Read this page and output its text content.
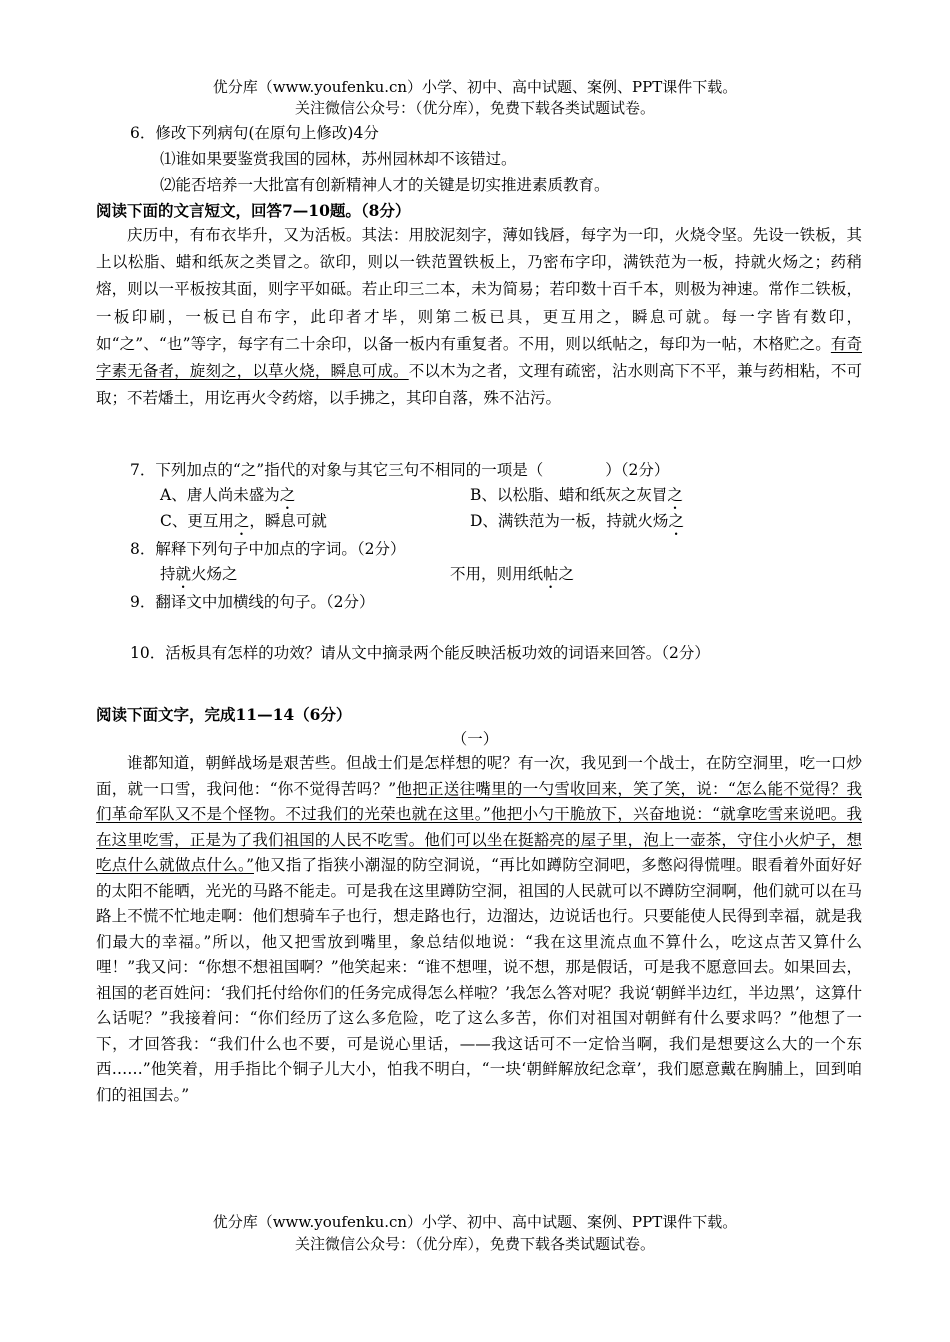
优分库（www.youfenku.cn）小学、初中、高中试题、案例、PPT课件下载。
关注微信公众号：（优分库），免费下载各类试题试卷。
6．修改下列病句(在原句上修改)4分
⑴谁如果要鉴赏我国的园林，苏州园林却不该错过。
⑵能否培养一大批富有创新精神人才的关键是切实推进素质教育。
阅读下面的文言短文，回答7—10题。（8分）
庆历中，有布衣毕升，又为活板。其法：用胶泥刻字，薄如钱唇，每字为一印，火烧令坚。先设一铁板，其上以松脂、蜡和纸灰之类冒之。欲印，则以一铁范置铁板上，乃密布字印，满铁范为一板，持就火炀之；药稍熔，则以一平板按其面，则字平如砥。若止印三二本，未为简易；若印数十百千本，则极为神速。常作二铁板，一板印刷，一板已自布字，此印者才毕，则第二板已具，更互用之，瞬息可就。每一字皆有数印，如“之”、“也”等字，每字有二十余印，以备一板内有重复者。不用，则以纸帖之，每印为一帖，木格贮之。有奇字素无备者，旋刻之，以草火烧，瞬息可成。不以木为之者，文理有疏密，沾水则高下不平，兼与药相粘，不可取；不若燔土，用讫再火令药熔，以手拂之，其印自落，殊不沾污。
7．下列加点的“之”指代的对象与其它三句不相同的一项是（　　　　）（2分）
A、唐人尚未盛为之	B、以松脂、蜡和纸灰之灰冒之
C、更互用之，瞬息可就	D、满铁范为一板，持就火炀之
8．解释下列句子中加点的字词。（2分）
持就火炀之	不用，则用纸帖之
9．翻译文中加横线的句子。（2分）
10．活板具有怎样的功效？请从文中摘录两个能反映活板功效的词语来回答。（2分）
阅读下面文字，完成11—14（6分）
（一）
谁都知道，朝鲜战场是艰苦些。但战士们是怎样想的呢？有一次，我见到一个战士，在防空洞里，吃一口炒面，就一口雪，我问他：“你不觉得苦吗？”他把正送往嘴里的一勺雪收回来，笑了笑，说：“怎么能不觉得？我们革命军队又不是个怪物。不过我们的光荣也就在这里。”他把小勺干脆放下，兴奋地说：“就拿吃雪来说吧。我在这里吃雪，正是为了我们祖国的人民不吃雪。他们可以坐在挺豁亮的屋子里，泡上一壶茶，守住小火炉子，想吃点什么就做点什么。”他又指了指狭小潮湿的防空洞说，“再比如蹲防空洞吧，多憋闷得慌哩。眼看着外面好好的太阳不能晒，光光的马路不能走。可是我在这里蹲防空洞，祖国的人民就可以不蹲防空洞啊，他们就可以在马路上不慌不忙地走啊：他们想骑车子也行，想走路也行，边溜达，边说话也行。只要能使人民得到幸福，就是我们最大的幸福。”所以，他又把雪放到嘴里，象总结似地说：“我在这里流点血不算什么，吃这点苦又算什么哩！”我又问：“你想不想祖国啊？”他笑起来：“谁不想哩，说不想，那是假话，可是我不愿意回去。如果回去，祖国的老百姓问：‘我们托付给你们的任务完成得怎么样啦？’我怎么答对呢？我说‘朝鲜半边红，半边黑’，这算什么话呢？”我接着问：“你们经历了这么多危险，吃了这么多苦，你们对祖国对朝鲜有什么要求吗？”他想了一下，才回答我：“我们什么也不要，可是说心里话，——我这话可不一定恰当啊，我们是想要这么大的一个东西……”他笑着，用手指比个铜子儿大小，怕我不明白，“一块‘朝鲜解放纪念章’，我们愿意戴在胸脯上，回到咱们的祖国去。”
优分库（www.youfenku.cn）小学、初中、高中试题、案例、PPT课件下载。
关注微信公众号：（优分库），免费下载各类试题试卷。
